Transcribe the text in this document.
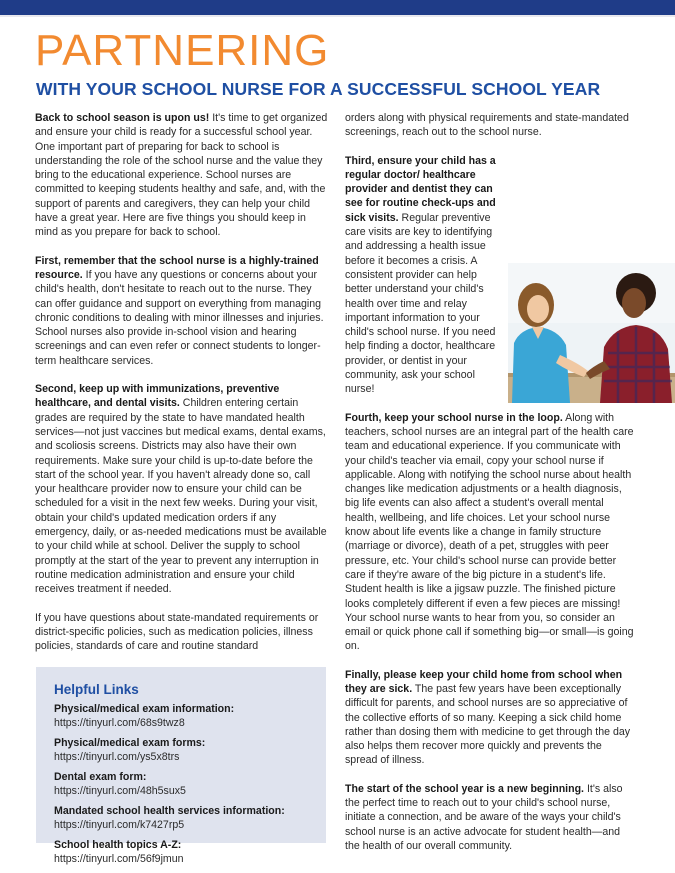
PARTNERING
WITH YOUR SCHOOL NURSE FOR A SUCCESSFUL SCHOOL YEAR

Back to school season is upon us! It's time to get organized and ensure your child is ready for a successful school year. One important part of preparing for back to school is understanding the role of the school nurse and the value they bring to the educational experience. School nurses are committed to keeping students healthy and safe, and, with the support of parents and caregivers, they can help your child have a great year. Here are five things you should keep in mind as you prepare for back to school.

First, remember that the school nurse is a highly-trained resource. If you have any questions or concerns about your child's health, don't hesitate to reach out to the nurse. They can offer guidance and support on everything from managing chronic conditions to dealing with minor illnesses and injuries. School nurses also provide in-school vision and hearing screenings and can even refer or connect students to longer-term healthcare services.

Second, keep up with immunizations, preventive healthcare, and dental visits. Children entering certain grades are required by the state to have mandated health services—not just vaccines but medical exams, dental exams, and scoliosis screens. Districts may also have their own requirements. Make sure your child is up-to-date before the start of the school year. If you haven't already done so, call your healthcare provider now to ensure your child can be scheduled for a visit in the next few weeks. During your visit, obtain your child's updated medication orders if any emergency, daily, or as-needed medications must be available to your child while at school. Deliver the supply to school promptly at the start of the year to prevent any interruption in routine medication administration and ensure your child receives treatment if needed.

If you have questions about state-mandated requirements or district-specific policies, such as medication policies, illness policies, standards of care and routine standard

orders along with physical requirements and state-mandated screenings, reach out to the school nurse.

Third, ensure your child has a regular doctor/ healthcare provider and dentist they can see for routine check-ups and sick visits. Regular preventive care visits are key to identifying and addressing a health issue before it becomes a crisis. A consistent provider can help better understand your child's health over time and relay important information to your child's school nurse. If you need help finding a doctor, healthcare provider, or dentist in your community, ask your school nurse!

Fourth, keep your school nurse in the loop. Along with teachers, school nurses are an integral part of the health care team and educational experience. If you communicate with your child's teacher via email, copy your school nurse if applicable. Along with notifying the school nurse about health changes like medication adjustments or a health diagnosis, big life events can also affect a student's overall mental health, wellbeing, and life choices. Let your school nurse know about life events like a change in family structure (marriage or divorce), death of a pet, struggles with peer pressure, etc. Your child's school nurse can provide better care if they're aware of the big picture in a student's life. Student health is like a jigsaw puzzle. The finished picture looks completely different if even a few pieces are missing! Your school nurse wants to hear from you, so consider an email or quick phone call if something big—or small—is going on.

Finally, please keep your child home from school when they are sick. The past few years have been exceptionally difficult for parents, and school nurses are so appreciative of the collective efforts of so many. Keeping a sick child home rather than dosing them with medicine to get through the day also helps them recover more quickly and prevents the spread of illness.

The start of the school year is a new beginning. It's also the perfect time to reach out to your child's school nurse, initiate a connection, and be aware of the ways your child's school nurse is an active advocate for student health—and the health of our overall community.

Helpful Links
Physical/medical exam information:
https://tinyurl.com/68s9twz8
Physical/medical exam forms:
https://tinyurl.com/ys5x8trs
Dental exam form:
https://tinyurl.com/48h5sux5
Mandated school health services information:
https://tinyurl.com/k7427rp5
School health topics A-Z:
https://tinyurl.com/56f9jmun
